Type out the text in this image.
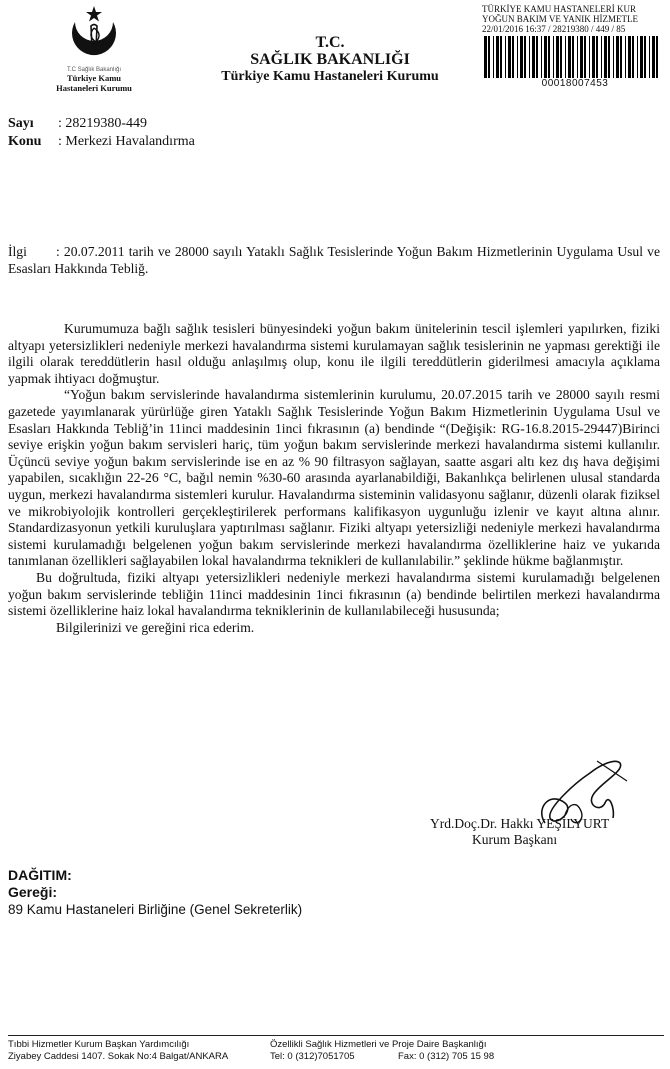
T.C Sağlık Bakanlığı
Türkiye Kamu
Hastaneleri Kurumu
T.C.
SAĞLIK BAKANLIĞI
Türkiye Kamu Hastaneleri Kurumu
TÜRKİYE KAMU HASTANELERİ KUR
YOĞUN BAKIM VE YANIK HİZMETLE
22/01/2016 16:37 / 28219380 / 449 / 85
00018007453
Sayı : 28219380-449
Konu : Merkezi Havalandırma

İlgi : 20.07.2011 tarih ve 28000 sayılı Yataklı Sağlık Tesislerinde Yoğun Bakım Hizmetlerinin Uygulama Usul ve Esasları Hakkında Tebliğ.

Kurumumuza bağlı sağlık tesisleri bünyesindeki yoğun bakım ünitelerinin tescil işlemleri yapılırken, fiziki altyapı yetersizlikleri nedeniyle merkezi havalandırma sistemi kurulamayan sağlık tesislerinin ne yapması gerektiği ile ilgili olarak tereddütlerin hasıl olduğu anlaşılmış olup, konu ile ilgili tereddütlerin giderilmesi amacıyla açıklama yapmak ihtiyacı doğmuştur.

“Yoğun bakım servislerinde havalandırma sistemlerinin kurulumu, 20.07.2015 tarih ve 28000 sayılı resmi gazetede yayımlanarak yürürlüğe giren Yataklı Sağlık Tesislerinde Yoğun Bakım Hizmetlerinin Uygulama Usul ve Esasları Hakkında Tebliğ’in 11inci maddesinin 1inci fıkrasının (a) bendinde “(Değişik: RG-16.8.2015-29447)Birinci seviye erişkin yoğun bakım servisleri hariç, tüm yoğun bakım servislerinde merkezi havalandırma sistemi kullanılır. Üçüncü seviye yoğun bakım servislerinde ise en az % 90 filtrasyon sağlayan, saatte asgari altı kez dış hava değişimi yapabilen, sıcaklığın 22-26 °C, bağıl nemin %30-60 arasında ayarlanabildiği, Bakanlıkça belirlenen ulusal standarda uygun, merkezi havalandırma sistemleri kurulur. Havalandırma sisteminin validasyonu sağlanır, düzenli olarak fiziksel ve mikrobiyolojik kontrolleri gerçekleştirilerek performans kalifikasyon uygunluğu izlenir ve kayıt altına alınır. Standardizasyonun yetkili kuruluşlara yaptırılması sağlanır. Fiziki altyapı yetersizliği nedeniyle merkezi havalandırma sistemi kurulamadığı belgelenen yoğun bakım servislerinde merkezi havalandırma özelliklerine haiz ve yukarıda tanımlanan özellikleri sağlayabilen lokal havalandırma teknikleri de kullanılabilir.” şeklinde hükme bağlanmıştır.

Bu doğrultuda, fiziki altyapı yetersizlikleri nedeniyle merkezi havalandırma sistemi kurulamadığı belgelenen yoğun bakım servislerinde tebliğin 11inci maddesinin 1inci fıkrasının (a) bendinde belirtilen merkezi havalandırma sistemi özelliklerine haiz lokal havalandırma tekniklerinin de kullanılabileceği hususunda;

Bilgilerinizi ve gereğini rica ederim.

Yrd.Doç.Dr. Hakkı YEŞİLYURT
Kurum Başkanı
DAĞITIM:
Gereği:
89 Kamu Hastaneleri Birliğine (Genel Sekreterlik)
Tıbbi Hizmetler Kurum Başkan Yardımcılığı
Ziyabey Caddesi 1407. Sokak No:4 Balgat/ANKARA
Özellikli Sağlık Hizmetleri ve Proje Daire Başkanlığı
Tel: 0 (312)7051705	Fax: 0 (312) 705 15 98
